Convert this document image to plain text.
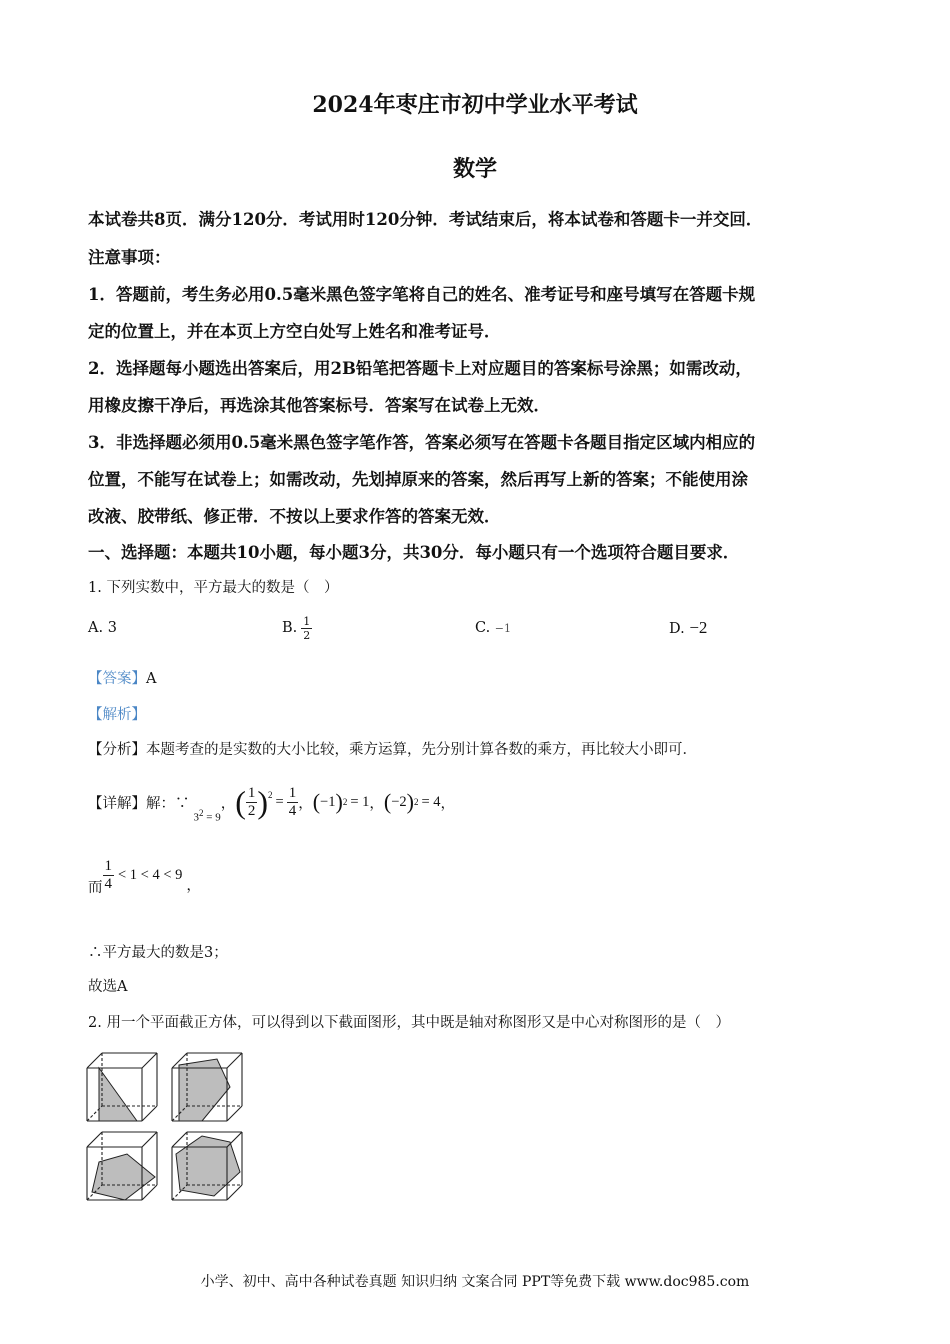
2024年枣庄市初中学业水平考试
数学
本试卷共8页．满分120分．考试用时120分钟．考试结束后，将本试卷和答题卡一并交回．
注意事项：
1．答题前，考生务必用0.5毫米黑色签字笔将自己的姓名、准考证号和座号填写在答题卡规
定的位置上，并在本页上方空白处写上姓名和准考证号．
2．选择题每小题选出答案后，用2B铅笔把答题卡上对应题目的答案标号涂黑；如需改动，
用橡皮擦干净后，再选涂其他答案标号．答案写在试卷上无效．
3．非选择题必须用0.5毫米黑色签字笔作答，答案必须写在答题卡各题目指定区域内相应的
位置，不能写在试卷上；如需改动，先划掉原来的答案，然后再写上新的答案；不能使用涂
改液、胶带纸、修正带．不按以上要求作答的答案无效．
一、选择题：本题共10小题，每小题3分，共30分．每小题只有一个选项符合题目要求．
1. 下列实数中，平方最大的数是（　）
A. 3	B. $\frac{1}{2}$	C. −1	D. −2
【答案】A
【解析】
【分析】本题考查的是实数的大小比较，乘方运算，先分别计算各数的乘方，再比较大小即可．
【详解】 解：∵
$3^2 = 9$
， ( $\frac{1}{2}$ ) $2 = \frac{1}{4}$ ， ( −1 ) 2 = 1 ， ( −2 ) 2 = 4 ，
而 $\frac{1}{4} < 1 < 4 < 9$
，
∴平方最大的数是3；
故选A
2. 用一个平面截正方体，可以得到以下截面图形，其中既是轴对称图形又是中心对称图形的是（　）
小学、初中、高中各种试卷真题 知识归纳 文案合同 PPT等免费下载 www.doc985.com
